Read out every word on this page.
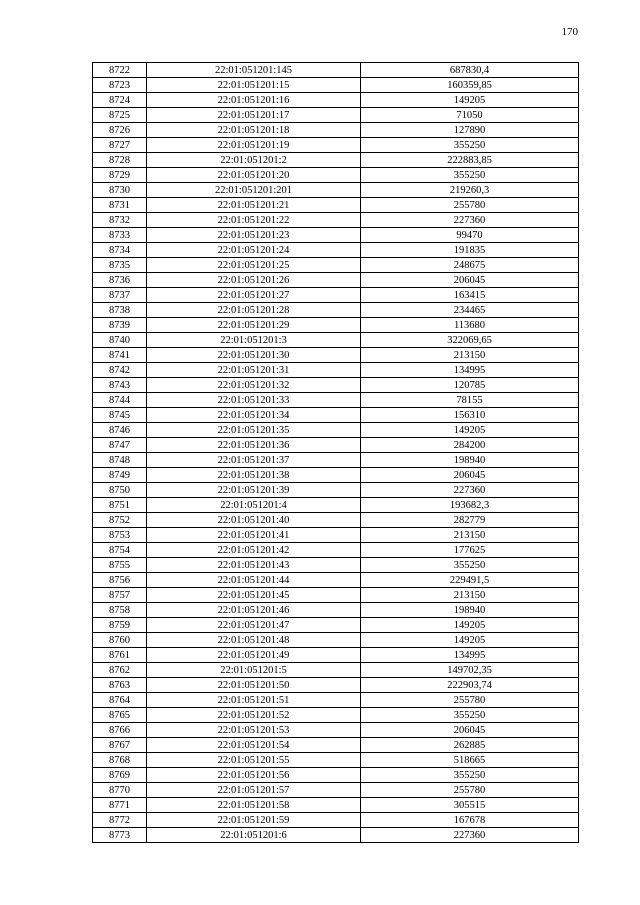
170
8722	22:01:051201:145	687830,4
8723	22:01:051201:15	160359,85
8724	22:01:051201:16	149205
8725	22:01:051201:17	71050
8726	22:01:051201:18	127890
8727	22:01:051201:19	355250
8728	22:01:051201:2	222883,85
8729	22:01:051201:20	355250
8730	22:01:051201:201	219260,3
8731	22:01:051201:21	255780
8732	22:01:051201:22	227360
8733	22:01:051201:23	99470
8734	22:01:051201:24	191835
8735	22:01:051201:25	248675
8736	22:01:051201:26	206045
8737	22:01:051201:27	163415
8738	22:01:051201:28	234465
8739	22:01:051201:29	113680
8740	22:01:051201:3	322069,65
8741	22:01:051201:30	213150
8742	22:01:051201:31	134995
8743	22:01:051201:32	120785
8744	22:01:051201:33	78155
8745	22:01:051201:34	156310
8746	22:01:051201:35	149205
8747	22:01:051201:36	284200
8748	22:01:051201:37	198940
8749	22:01:051201:38	206045
8750	22:01:051201:39	227360
8751	22:01:051201:4	193682,3
8752	22:01:051201:40	282779
8753	22:01:051201:41	213150
8754	22:01:051201:42	177625
8755	22:01:051201:43	355250
8756	22:01:051201:44	229491,5
8757	22:01:051201:45	213150
8758	22:01:051201:46	198940
8759	22:01:051201:47	149205
8760	22:01:051201:48	149205
8761	22:01:051201:49	134995
8762	22:01:051201:5	149702,35
8763	22:01:051201:50	222903,74
8764	22:01:051201:51	255780
8765	22:01:051201:52	355250
8766	22:01:051201:53	206045
8767	22:01:051201:54	262885
8768	22:01:051201:55	518665
8769	22:01:051201:56	355250
8770	22:01:051201:57	255780
8771	22:01:051201:58	305515
8772	22:01:051201:59	167678
8773	22:01:051201:6	227360
